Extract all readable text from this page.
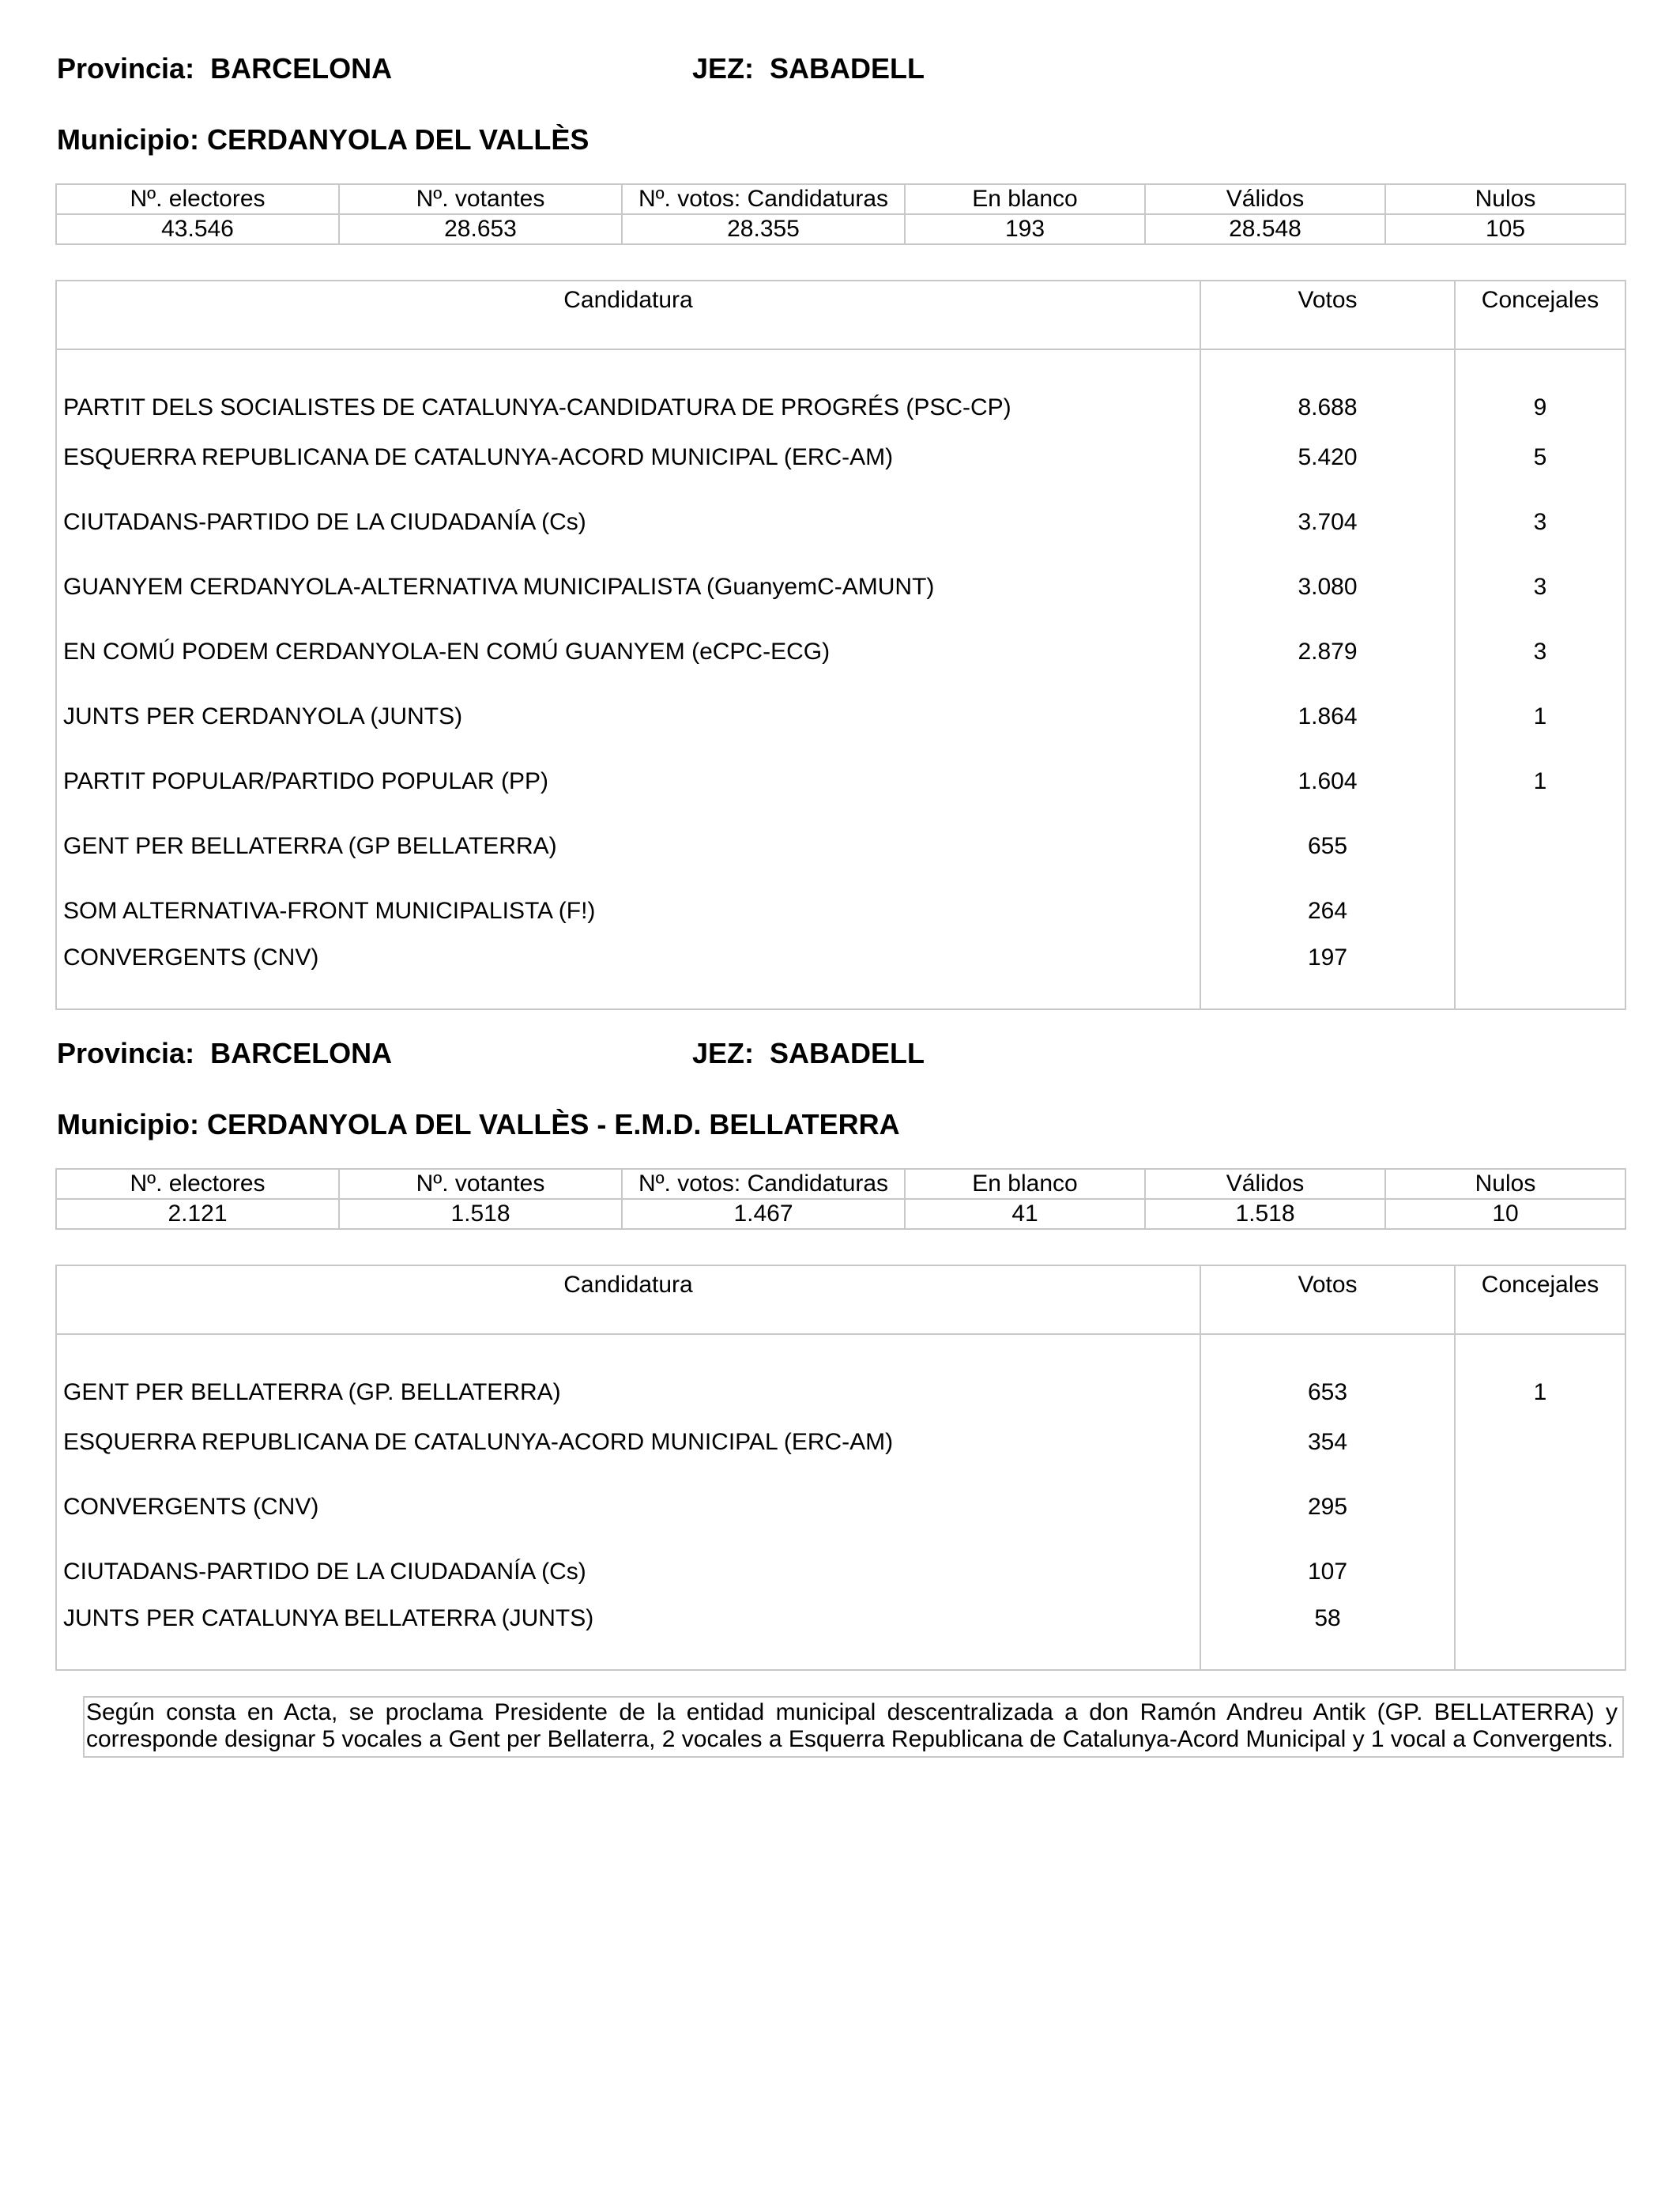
Provincia: BARCELONA	JEZ: SABADELL
Municipio: CERDANYOLA DEL VALLÈS
Nº. electores	Nº. votantes	Nº. votos: Candidaturas	En blanco	Válidos	Nulos
43.546	28.653	28.355	193	28.548	105
Candidatura	Votos	Concejales
PARTIT DELS SOCIALISTES DE CATALUNYA-CANDIDATURA DE PROGRÉS (PSC-CP)	8.688	9
ESQUERRA REPUBLICANA DE CATALUNYA-ACORD MUNICIPAL (ERC-AM)	5.420	5
CIUTADANS-PARTIDO DE LA CIUDADANÍA (Cs)	3.704	3
GUANYEM CERDANYOLA-ALTERNATIVA MUNICIPALISTA (GuanyemC-AMUNT)	3.080	3
EN COMÚ PODEM CERDANYOLA-EN COMÚ GUANYEM (eCPC-ECG)	2.879	3
JUNTS PER CERDANYOLA (JUNTS)	1.864	1
PARTIT POPULAR/PARTIDO POPULAR (PP)	1.604	1
GENT PER BELLATERRA (GP BELLATERRA)	655	
SOM ALTERNATIVA-FRONT MUNICIPALISTA (F!)	264	
CONVERGENTS (CNV)	197	
Provincia: BARCELONA	JEZ: SABADELL
Municipio: CERDANYOLA DEL VALLÈS - E.M.D. BELLATERRA
Nº. electores	Nº. votantes	Nº. votos: Candidaturas	En blanco	Válidos	Nulos
2.121	1.518	1.467	41	1.518	10
Candidatura	Votos	Concejales
GENT PER BELLATERRA (GP. BELLATERRA)	653	1
ESQUERRA REPUBLICANA DE CATALUNYA-ACORD MUNICIPAL (ERC-AM)	354	
CONVERGENTS (CNV)	295	
CIUTADANS-PARTIDO DE LA CIUDADANÍA (Cs)	107	
JUNTS PER CATALUNYA BELLATERRA (JUNTS)	58	
Según consta en Acta, se proclama Presidente de la entidad municipal descentralizada a don Ramón Andreu Antik (GP. BELLATERRA) y corresponde designar 5 vocales a Gent per Bellaterra, 2 vocales a Esquerra Republicana de Catalunya-Acord Municipal y 1 vocal a Convergents.
